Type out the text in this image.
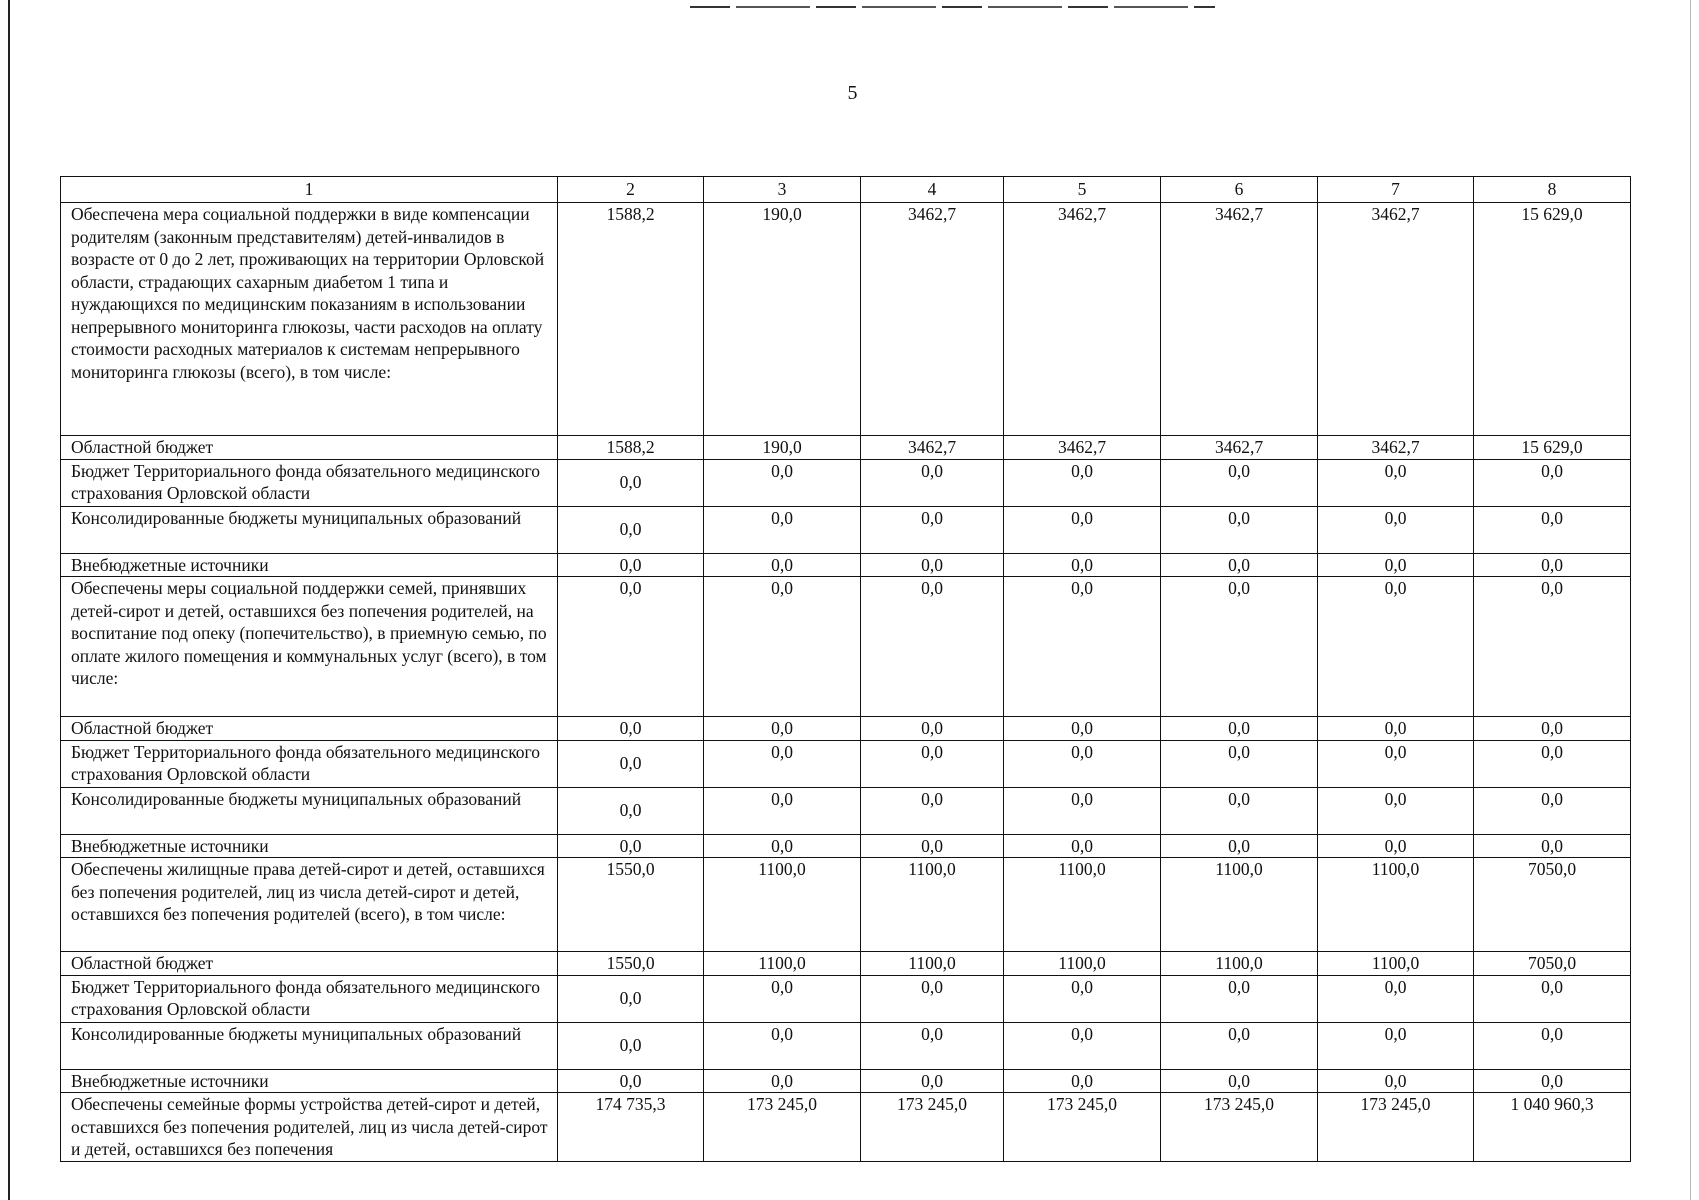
5
1	2	3	4	5	6	7	8
Обеспечена мера социальной поддержки в виде компенсации родителям (законным представителям) детей-инвалидов в возрасте от 0 до 2 лет, проживающих на территории Орловской области, страдающих сахарным диабетом 1 типа и нуждающихся по медицинским показаниям в использовании непрерывного мониторинга глюкозы, части расходов на оплату стоимости расходных материалов к системам непрерывного мониторинга глюкозы (всего), в том числе:	1588,2	190,0	3462,7	3462,7	3462,7	3462,7	15 629,0
Областной бюджет	1588,2	190,0	3462,7	3462,7	3462,7	3462,7	15 629,0
Бюджет Территориального фонда обязательного медицинского страхования Орловской области	0,0	0,0	0,0	0,0	0,0	0,0	0,0
Консолидированные бюджеты муниципальных образований	0,0	0,0	0,0	0,0	0,0	0,0	0,0
Внебюджетные источники	0,0	0,0	0,0	0,0	0,0	0,0	0,0
Обеспечены меры социальной поддержки семей, принявших детей-сирот и детей, оставшихся без попечения родителей, на воспитание под опеку (попечительство), в приемную семью, по оплате жилого помещения и коммунальных услуг (всего), в том числе:	0,0	0,0	0,0	0,0	0,0	0,0	0,0
Областной бюджет	0,0	0,0	0,0	0,0	0,0	0,0	0,0
Бюджет Территориального фонда обязательного медицинского страхования Орловской области	0,0	0,0	0,0	0,0	0,0	0,0	0,0
Консолидированные бюджеты муниципальных образований	0,0	0,0	0,0	0,0	0,0	0,0	0,0
Внебюджетные источники	0,0	0,0	0,0	0,0	0,0	0,0	0,0
Обеспечены жилищные права детей-сирот и детей, оставшихся без попечения родителей, лиц из числа детей-сирот и детей, оставшихся без попечения родителей (всего), в том числе:	1550,0	1100,0	1100,0	1100,0	1100,0	1100,0	7050,0
Областной бюджет	1550,0	1100,0	1100,0	1100,0	1100,0	1100,0	7050,0
Бюджет Территориального фонда обязательного медицинского страхования Орловской области	0,0	0,0	0,0	0,0	0,0	0,0	0,0
Консолидированные бюджеты муниципальных образований	0,0	0,0	0,0	0,0	0,0	0,0	0,0
Внебюджетные источники	0,0	0,0	0,0	0,0	0,0	0,0	0,0
Обеспечены семейные формы устройства детей-сирот и детей, оставшихся без попечения родителей, лиц из числа детей-сирот и детей, оставшихся без попечения	174 735,3	173 245,0	173 245,0	173 245,0	173 245,0	173 245,0	1 040 960,3
